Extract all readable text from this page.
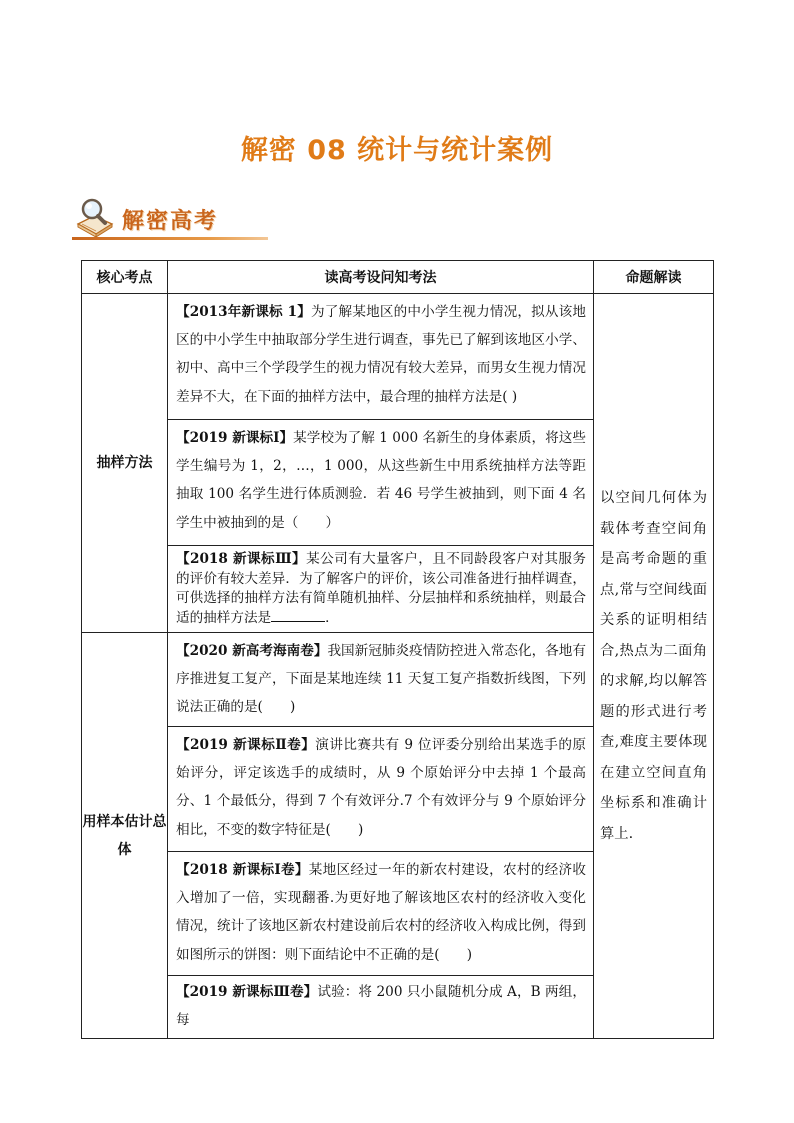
解密 08 统计与统计案例
解密高考
核心考点	读高考设问知考法	命题解读
抽样方法	【2013年新课标 1】为了解某地区的中小学生视力情况，拟从该地区的中小学生中抽取部分学生进行调查，事先已了解到该地区小学、初中、高中三个学段学生的视力情况有较大差异，而男女生视力情况差异不大，在下面的抽样方法中，最合理的抽样方法是( )	以空间几何体为载体考查空间角是高考命题的重点,常与空间线面关系的证明相结合,热点为二面角的求解,均以解答题的形式进行考查,难度主要体现在建立空间直角坐标系和准确计算上.
	【2019 新课标Ⅰ】某学校为了解 1 000 名新生的身体素质，将这些学生编号为 1，2，…，1 000，从这些新生中用系统抽样方法等距抽取 100 名学生进行体质测验．若 46 号学生被抽到，则下面 4 名学生中被抽到的是（　　）	
	【2018 新课标Ⅲ】某公司有大量客户，且不同龄段客户对其服务的评价有较大差异．为了解客户的评价，该公司准备进行抽样调查，可供选择的抽样方法有简单随机抽样、分层抽样和系统抽样，则最合适的抽样方法是 ．	
用样本估计总体	【2020 新高考海南卷】我国新冠肺炎疫情防控进入常态化，各地有序推进复工复产，下面是某地连续 11 天复工复产指数折线图，下列说法正确的是(　　)	
	【2019 新课标Ⅱ卷】演讲比赛共有 9 位评委分别给出某选手的原始评分，评定该选手的成绩时，从 9 个原始评分中去掉 1 个最高分、1 个最低分，得到 7 个有效评分.7 个有效评分与 9 个原始评分相比，不变的数字特征是(　　)	
	【2018 新课标Ⅰ卷】某地区经过一年的新农村建设，农村的经济收入增加了一倍，实现翻番.为更好地了解该地区农村的经济收入变化情况，统计了该地区新农村建设前后农村的经济收入构成比例，得到如图所示的饼图：则下面结论中不正确的是(　　)	
	【2019 新课标Ⅲ卷】试验：将 200 只小鼠随机分成 A，B 两组，每	
